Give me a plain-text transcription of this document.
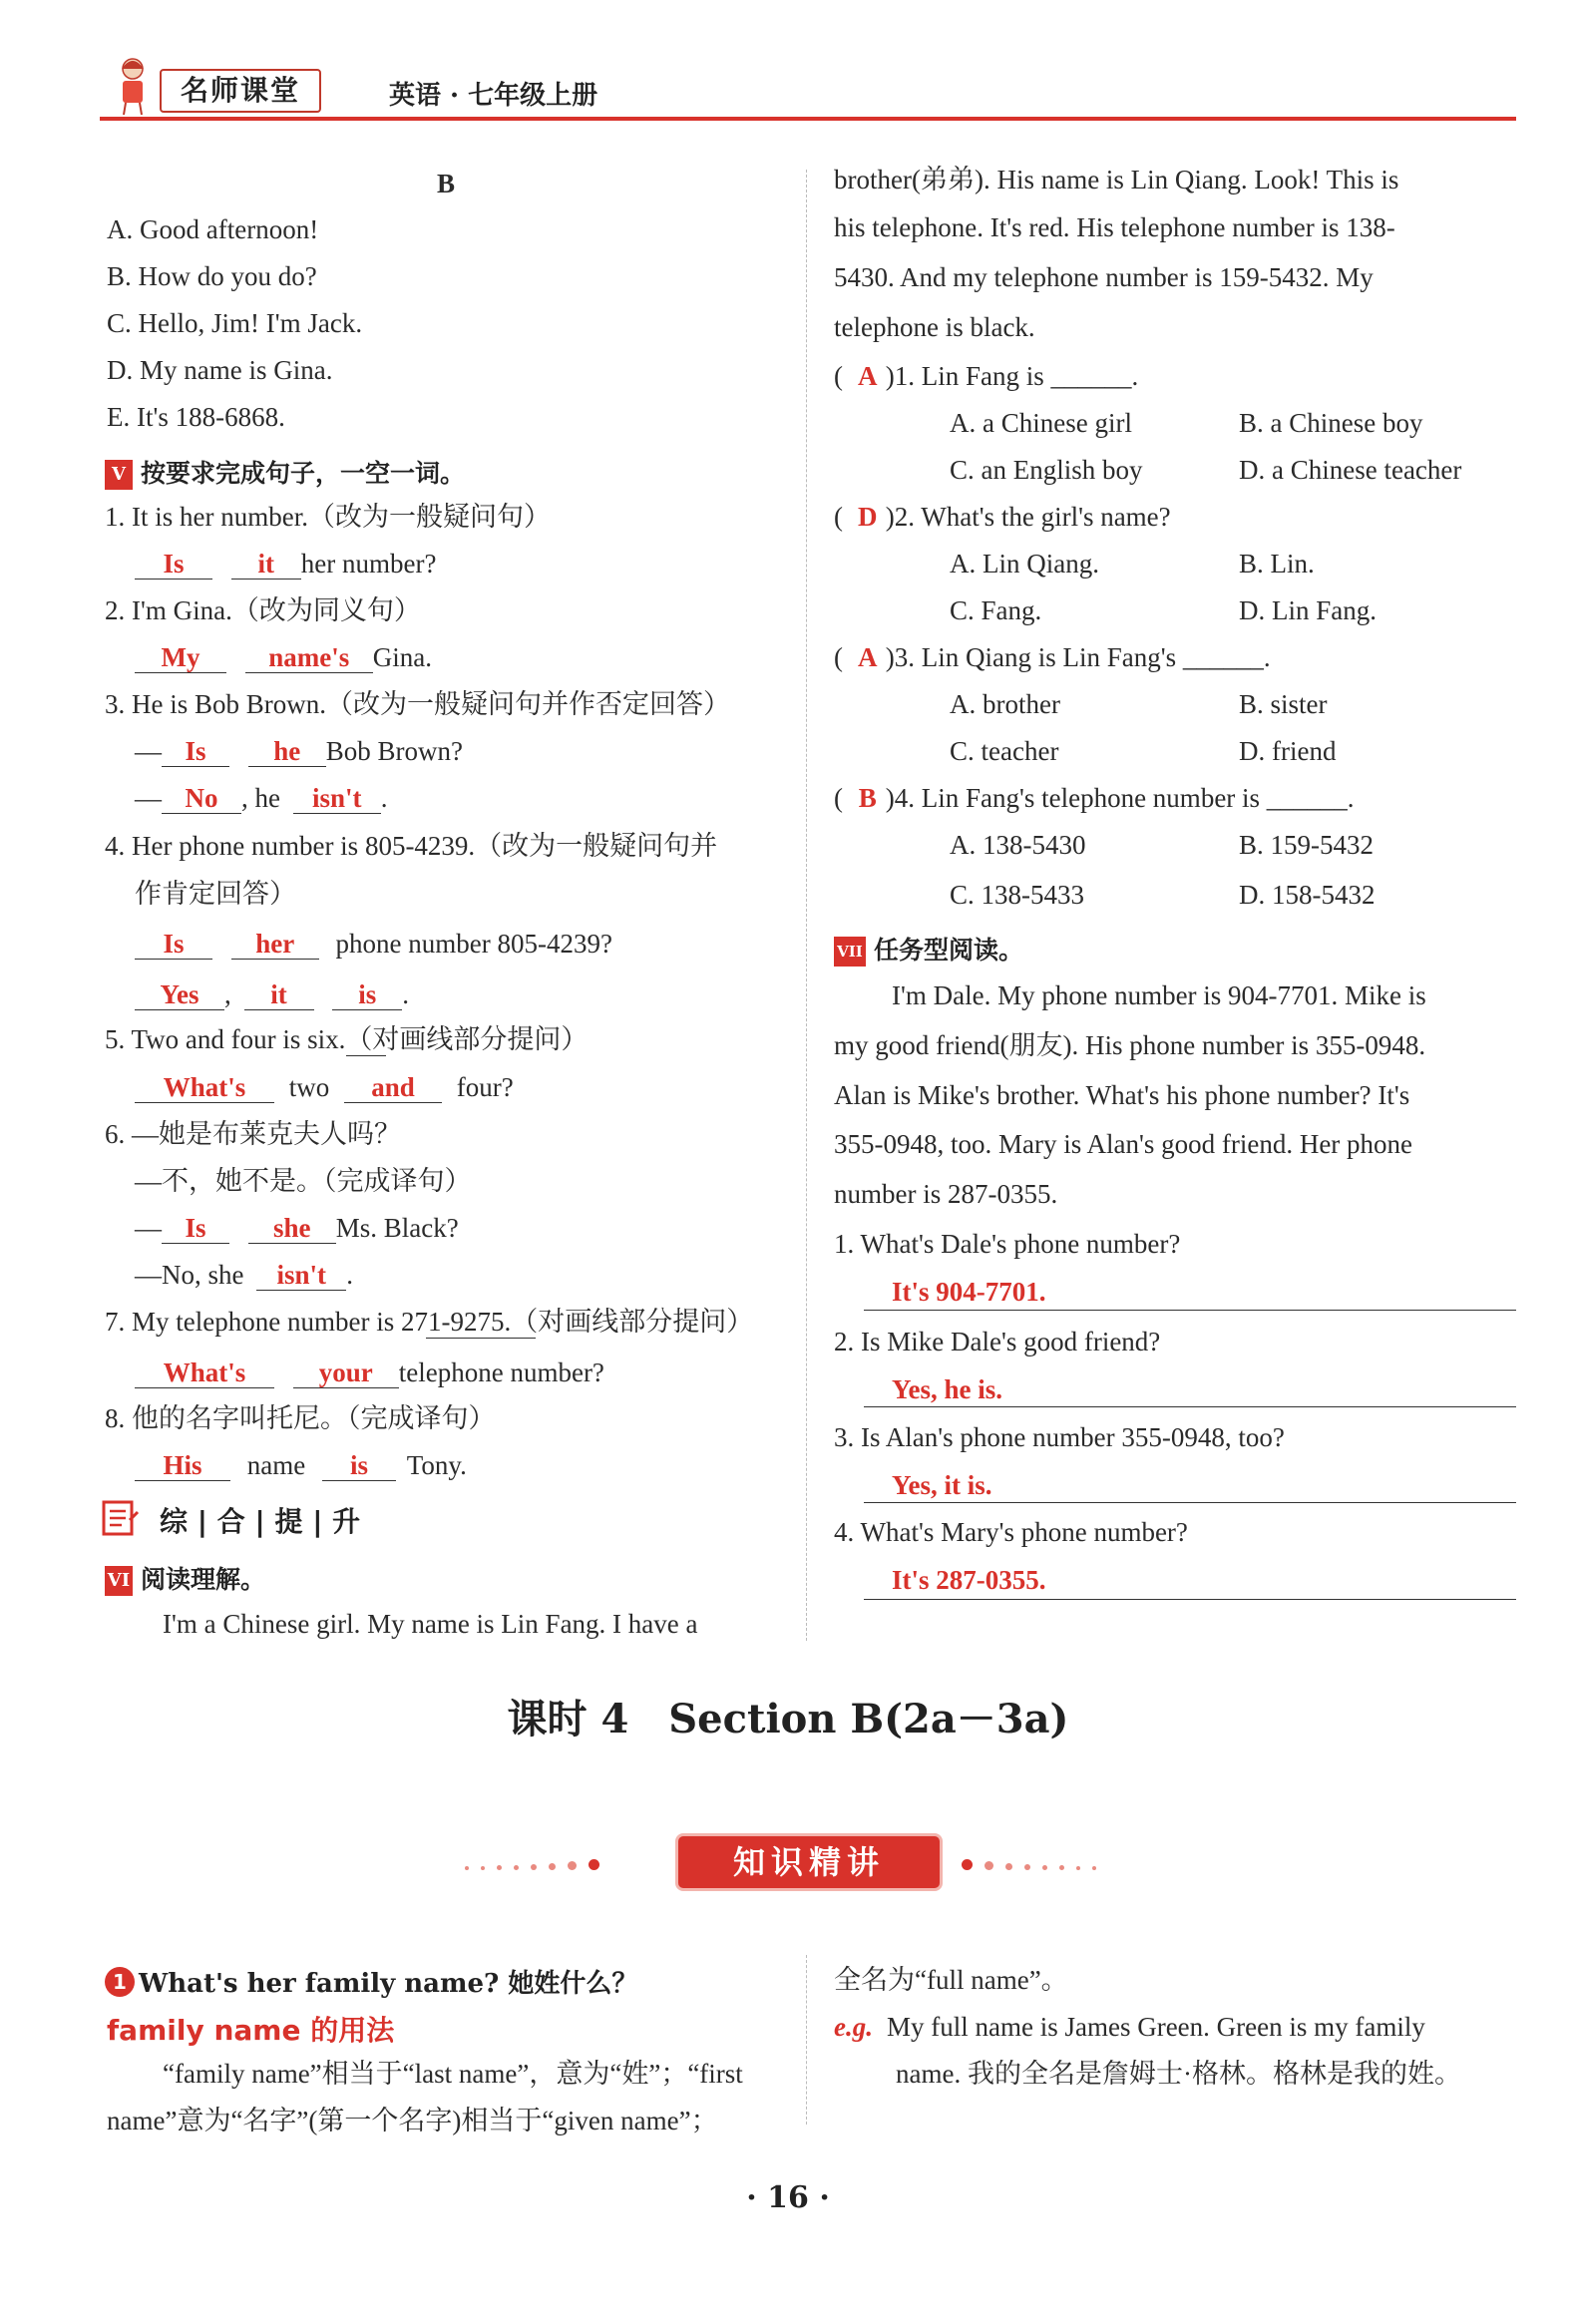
名师课堂	英语 · 七年级上册
B
A. Good afternoon!
B. How do you do?
C. Hello, Jim! I'm Jack.
D. My name is Gina.
E. It's 188-6868.
V 按要求完成句子，一空一词。
1. It is her number.（改为一般疑问句）
Is	it her number?
2. I'm Gina.（改为同义句）
My	name's Gina.
3. He is Bob Brown.（改为一般疑问句并作否定回答）
— Is	he Bob Brown?
— No , he isn't .
4. Her phone number is 805-4239.（改为一般疑问句并
作肯定回答）
Is	her phone number 805-4239?
Yes , it	is .
5. Two and four is six.（对画线部分提问）
What's two and four?
6. —她是布莱克夫人吗？
—不，她不是。（完成译句）
— Is she Ms. Black?
—No, she isn't .
7. My telephone number is 271-9275.（对画线部分提问）
What's	your telephone number?
8. 他的名字叫托尼。（完成译句）
His name is Tony.
综 | 合 | 提 | 升
VI 阅读理解。
I'm a Chinese girl. My name is Lin Fang. I have a
brother(弟弟). His name is Lin Qiang. Look! This is
his telephone. It's red. His telephone number is 138-
5430. And my telephone number is 159-5432. My
telephone is black.
( A )1. Lin Fang is ______.
A. a Chinese girl	B. a Chinese boy
C. an English boy	D. a Chinese teacher
( D )2. What's the girl's name?
A. Lin Qiang.	B. Lin.
C. Fang.	D. Lin Fang.
( A )3. Lin Qiang is Lin Fang's ______.
A. brother	B. sister
C. teacher	D. friend
( B )4. Lin Fang's telephone number is ______.
A. 138-5430	B. 159-5432
C. 138-5433	D. 158-5432
VII 任务型阅读。
I'm Dale. My phone number is 904-7701. Mike is
my good friend(朋友). His phone number is 355-0948.
Alan is Mike's brother. What's his phone number? It's
355-0948, too. Mary is Alan's good friend. Her phone
number is 287-0355.
1. What's Dale's phone number?
It's 904-7701.
2. Is Mike Dale's good friend?
Yes, he is.
3. Is Alan's phone number 355-0948, too?
Yes, it is.
4. What's Mary's phone number?
It's 287-0355.
课时 4　Section B(2a－3a)
知识精讲
1 What's her family name? 她姓什么？
family name 的用法
“family name”相当于“last name”，意为“姓”；“first
name”意为“名字”(第一个名字)相当于“given name”；
全名为“full name”。
e.g. My full name is James Green. Green is my family
name. 我的全名是詹姆士·格林。格林是我的姓。
· 16 ·
